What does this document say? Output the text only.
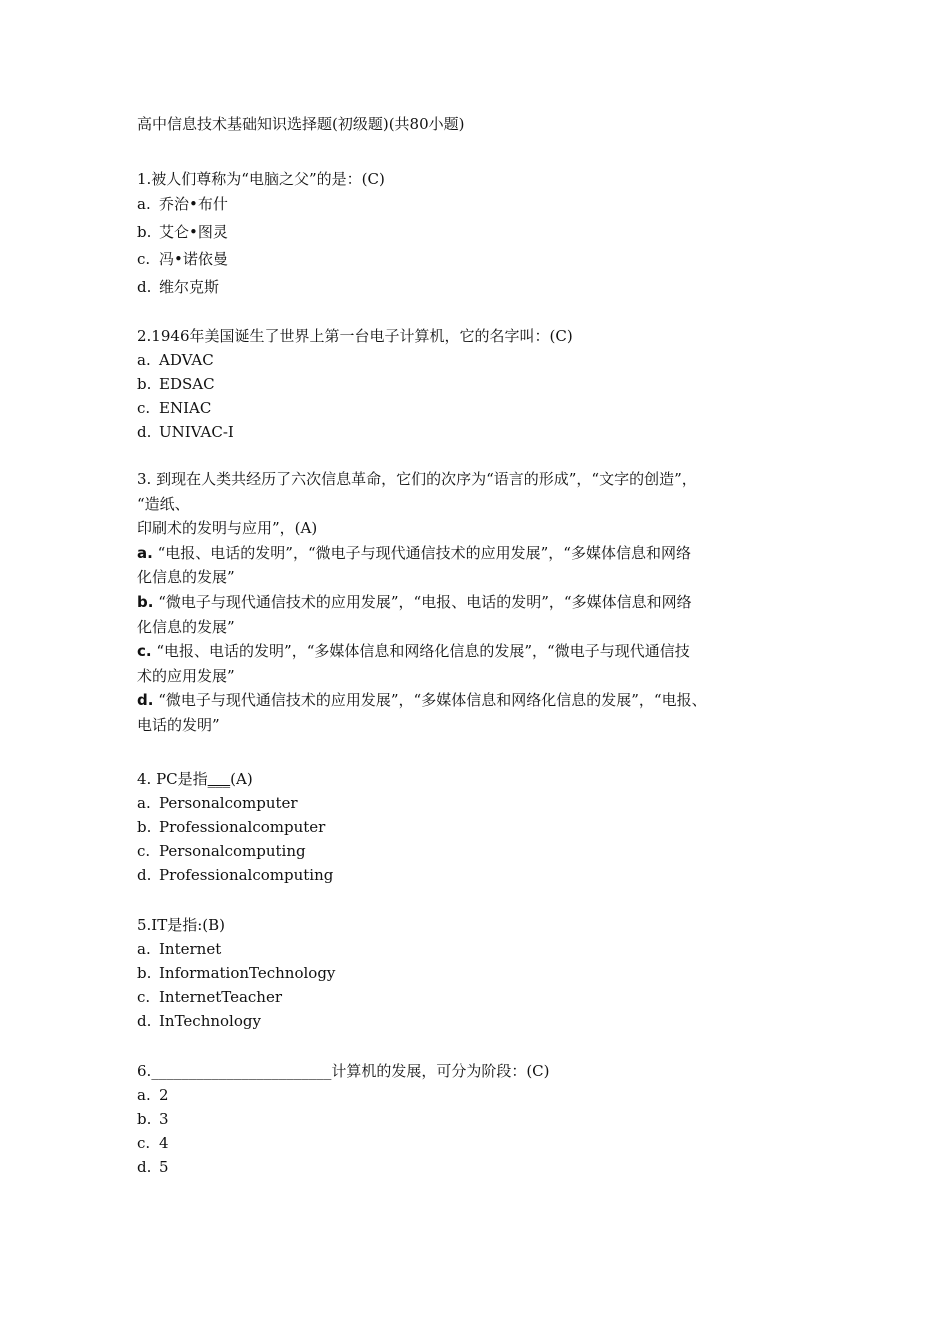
高中信息技术基础知识选择题(初级题)(共80小题)
1.被人们尊称为“电脑之父”的是：(C)
a. 乔治•布什
b. 艾仑•图灵
c. 冯•诺依曼
d. 维尔克斯
2.1946年美国诞生了世界上第一台电子计算机，它的名字叫：(C)
a. ADVAC
b. EDSAC
c. ENIAC
d. UNIVAC-I
3. 到现在人类共经历了六次信息革命，它们的次序为“语言的形成”，“文字的创造”，
“造纸、
印刷术的发明与应用”，(A)
a. “电报、电话的发明”，“微电子与现代通信技术的应用发展”，“多媒体信息和网络
化信息的发展”
b. “微电子与现代通信技术的应用发展”，“电报、电话的发明”，“多媒体信息和网络
化信息的发展”
c. “电报、电话的发明”，“多媒体信息和网络化信息的发展”，“微电子与现代通信技
术的应用发展”
d. “微电子与现代通信技术的应用发展”，“多媒体信息和网络化信息的发展”，“电报、
电话的发明”
4. PC是指___(A)
a. Personalcomputer
b. Professionalcomputer
c. Personalcomputing
d. Professionalcomputing
5.IT是指:(B)
a. Internet
b. InformationTechnology
c. InternetTeacher
d. InTechnology
6.________________________计算机的发展，可分为阶段：(C)
a. 2
b. 3
c. 4
d. 5
